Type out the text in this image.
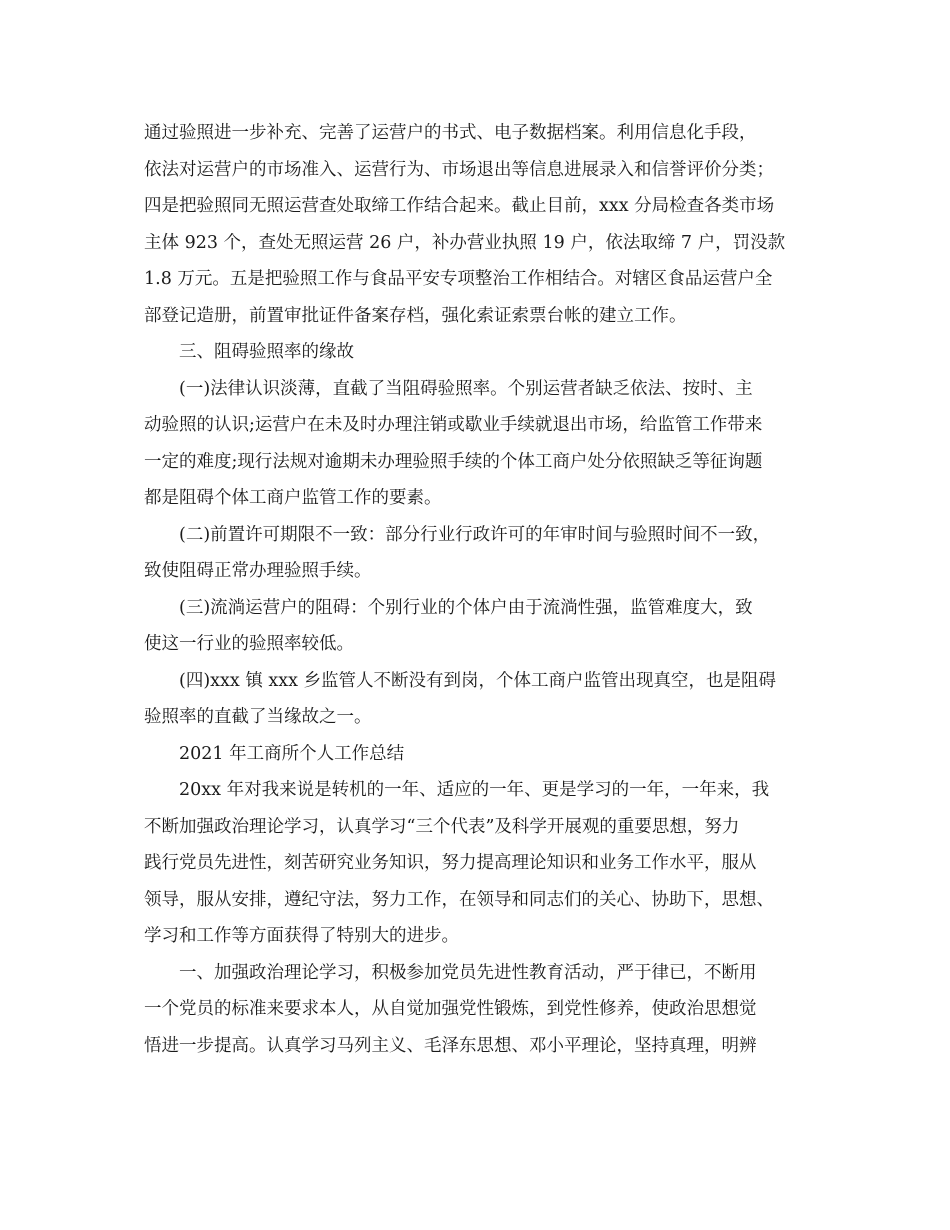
通过验照进一步补充、完善了运营户的书式、电子数据档案。利用信息化手段，
依法对运营户的市场准入、运营行为、市场退出等信息进展录入和信誉评价分类；
四是把验照同无照运营查处取缔工作结合起来。截止目前，xxx 分局检查各类市场
主体 923 个，查处无照运营 26 户，补办营业执照 19 户，依法取缔 7 户，罚没款
1.8 万元。五是把验照工作与食品平安专项整治工作相结合。对辖区食品运营户全
部登记造册，前置审批证件备案存档，强化索证索票台帐的建立工作。
三、阻碍验照率的缘故
(一)法律认识淡薄，直截了当阻碍验照率。个别运营者缺乏依法、按时、主
动验照的认识;运营户在未及时办理注销或歇业手续就退出市场，给监管工作带来
一定的难度;现行法规对逾期未办理验照手续的个体工商户处分依照缺乏等征询题
都是阻碍个体工商户监管工作的要素。
(二)前置许可期限不一致：部分行业行政许可的年审时间与验照时间不一致，
致使阻碍正常办理验照手续。
(三)流淌运营户的阻碍：个别行业的个体户由于流淌性强，监管难度大，致
使这一行业的验照率较低。
(四)xxx 镇 xxx 乡监管人不断没有到岗，个体工商户监管出现真空，也是阻碍
验照率的直截了当缘故之一。
2021 年工商所个人工作总结
20xx 年对我来说是转机的一年、适应的一年、更是学习的一年，一年来，我
不断加强政治理论学习，认真学习“三个代表”及科学开展观的重要思想，努力
践行党员先进性，刻苦研究业务知识，努力提高理论知识和业务工作水平，服从
领导，服从安排，遵纪守法，努力工作，在领导和同志们的关心、协助下，思想、
学习和工作等方面获得了特别大的进步。
一、加强政治理论学习，积极参加党员先进性教育活动，严于律已，不断用
一个党员的标准来要求本人，从自觉加强党性锻炼，到党性修养，使政治思想觉
悟进一步提高。认真学习马列主义、毛泽东思想、邓小平理论，坚持真理，明辨
